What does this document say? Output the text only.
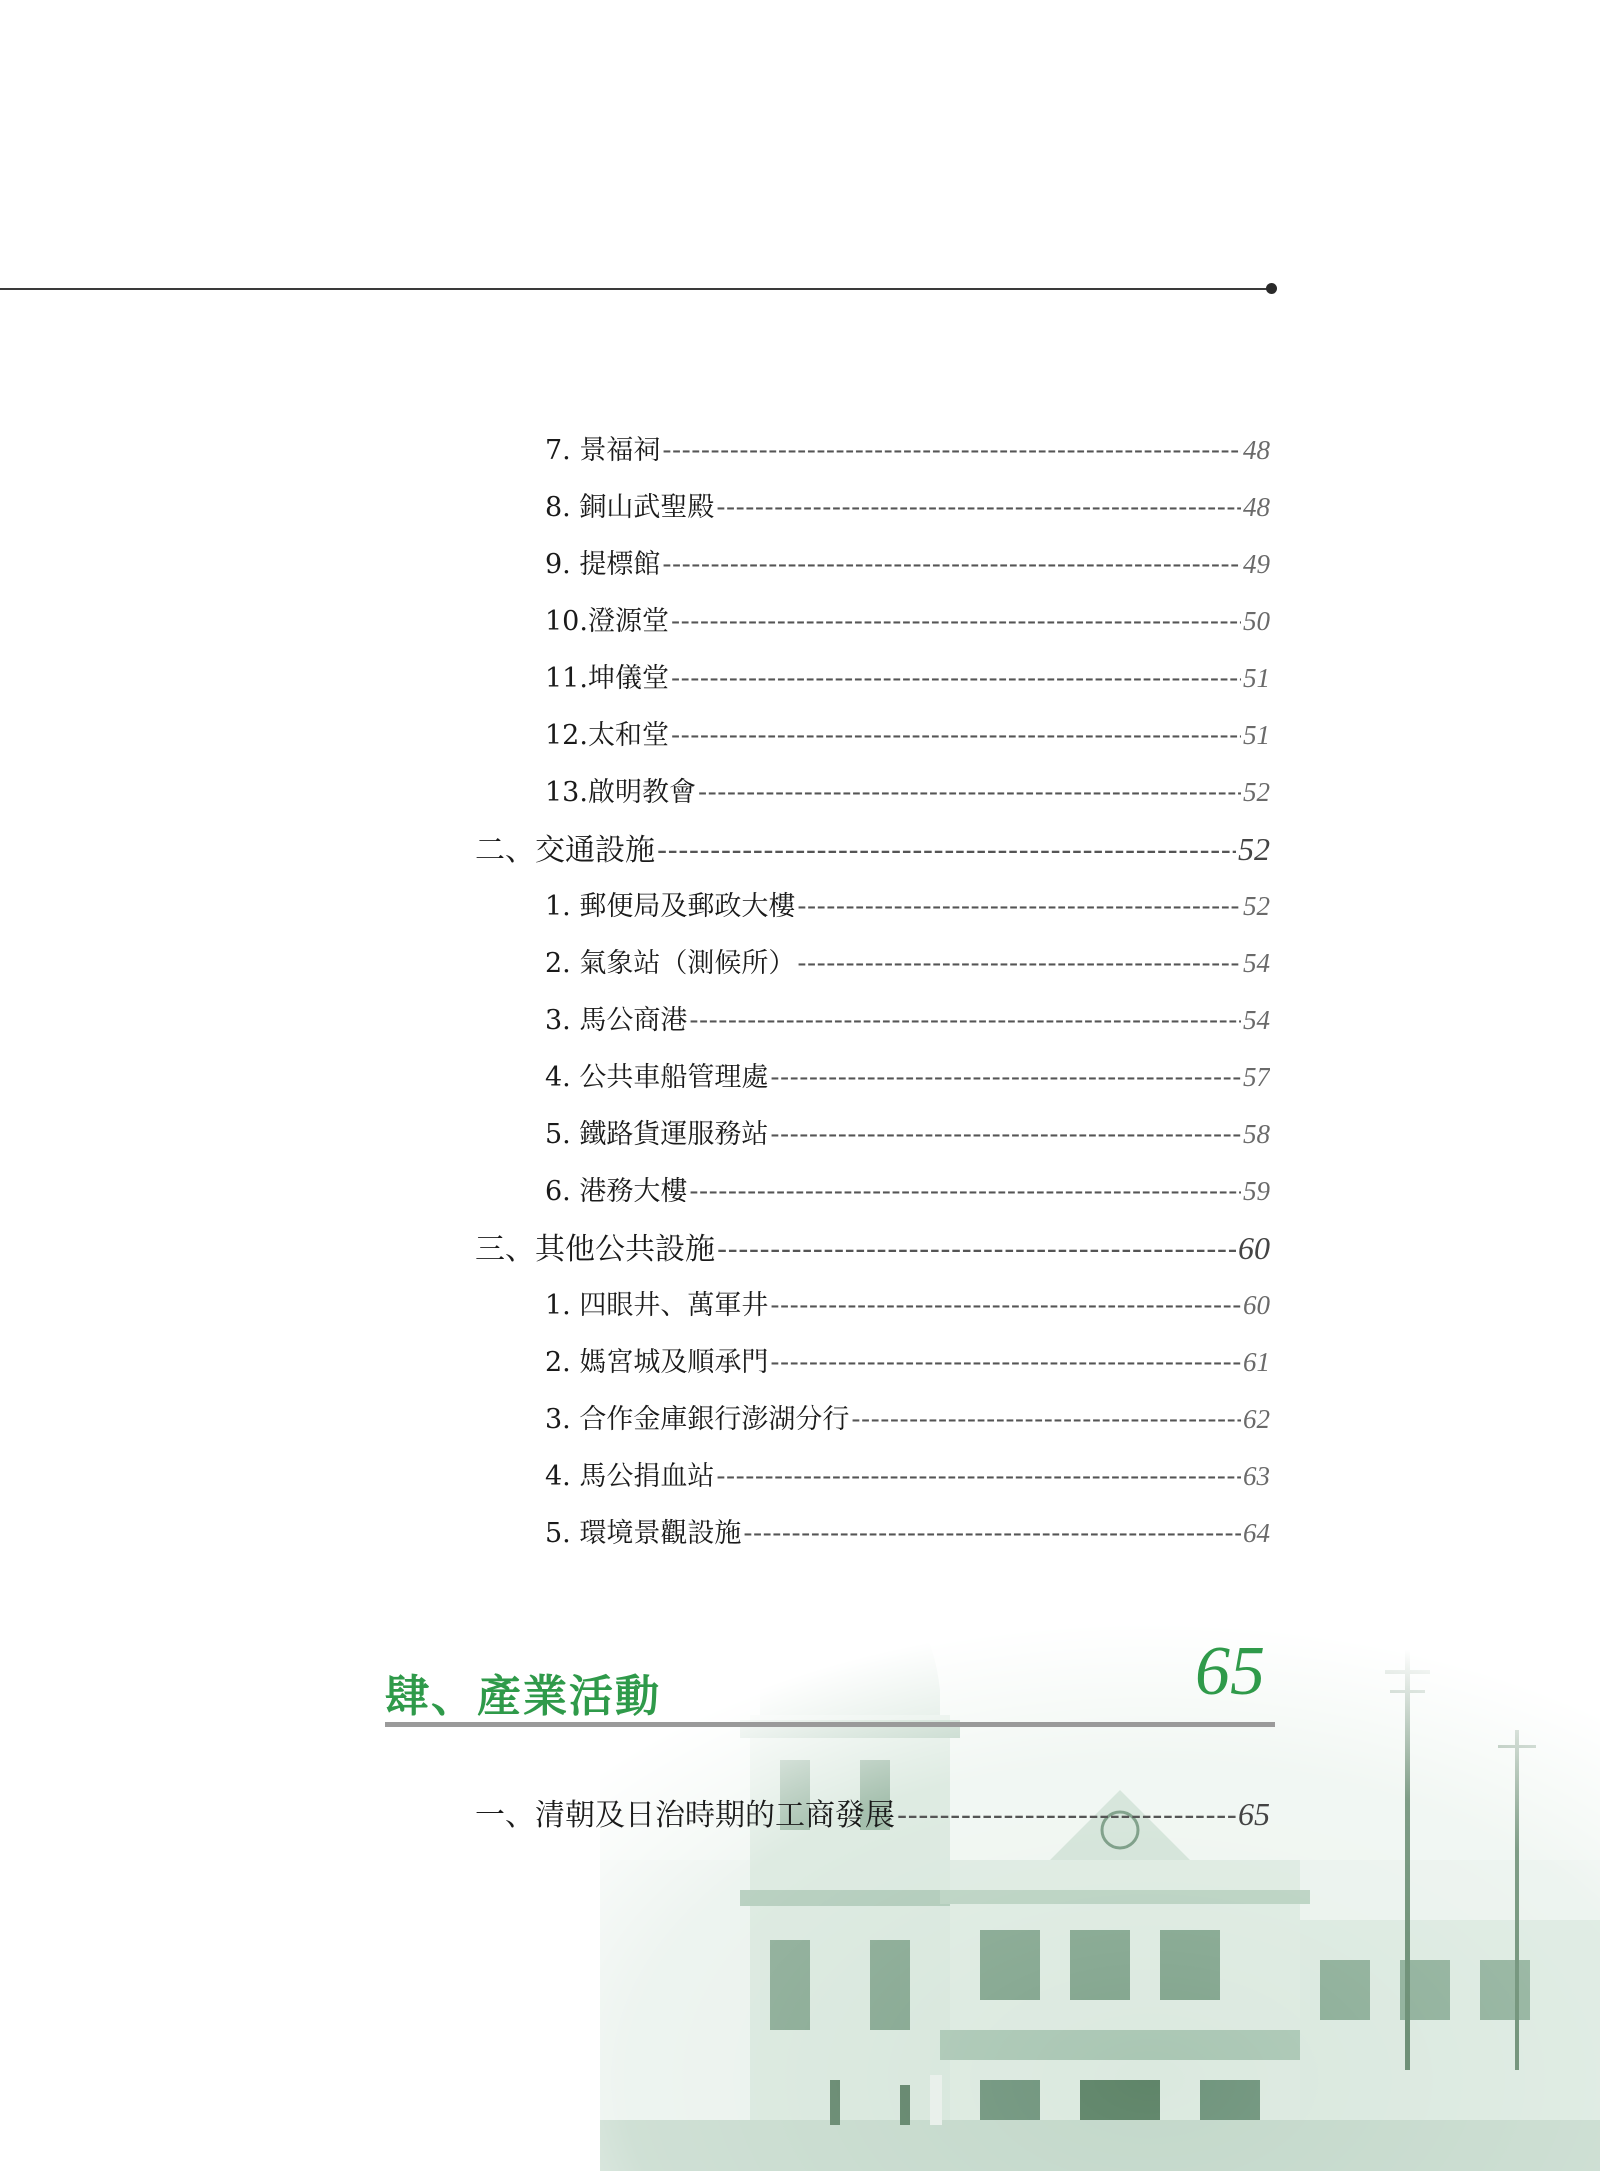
7. 景福祠 -----	48
8. 銅山武聖殿 -----	48
9. 提標館 -----	49
10.澄源堂 -----	50
11.坤儀堂 -----	51
12.太和堂 -----	51
13.啟明教會 -----	52
二、交通設施 -----	52
1. 郵便局及郵政大樓 -----	52
2. 氣象站（測候所） -----	54
3. 馬公商港 -----	54
4. 公共車船管理處 -----	57
5. 鐵路貨運服務站 -----	58
6. 港務大樓 -----	59
三、其他公共設施 -----	60
1. 四眼井、萬軍井 -----	60
2. 媽宮城及順承門 -----	61
3. 合作金庫銀行澎湖分行 -----	62
4. 馬公捐血站 -----	63
5. 環境景觀設施 -----	64
肆、產業活動	65
一、清朝及日治時期的工商發展 -----	65
